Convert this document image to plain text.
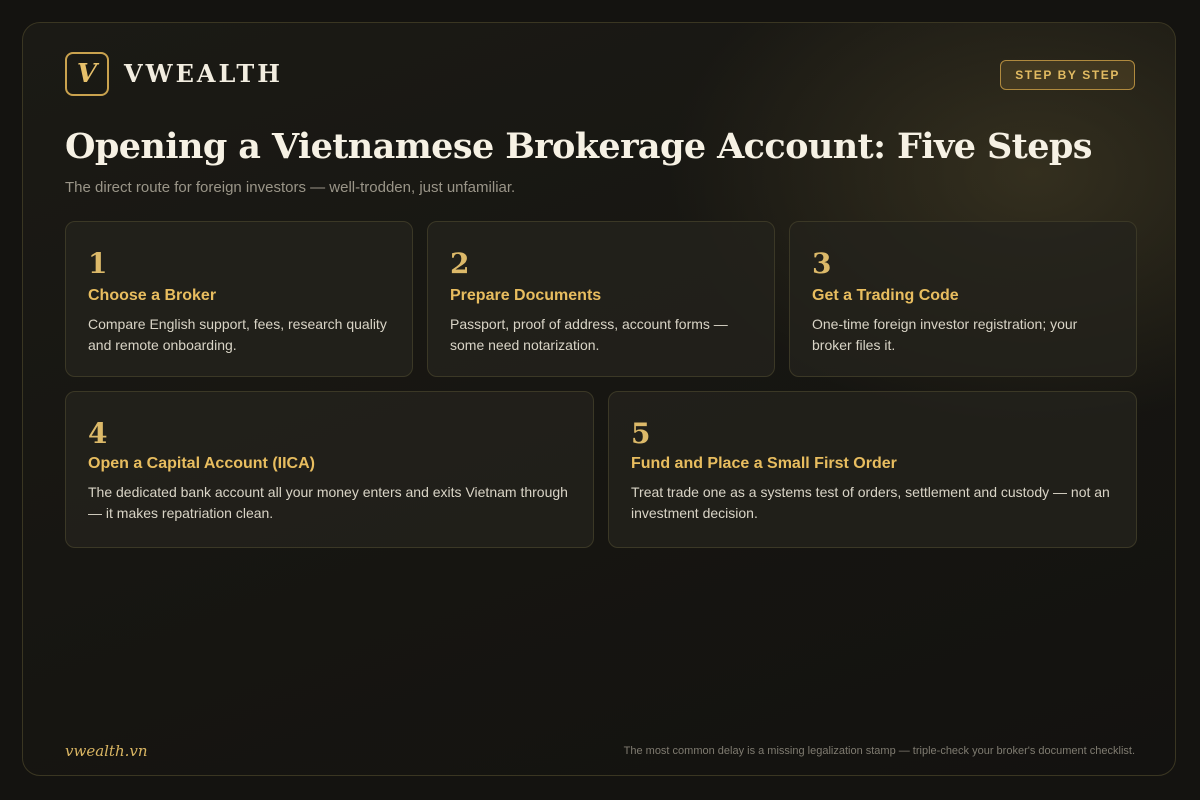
V VWEALTH	STEP BY STEP
Opening a Vietnamese Brokerage Account: Five Steps
The direct route for foreign investors — well-trodden, just unfamiliar.
1
Choose a Broker
Compare English support, fees, research quality and remote onboarding.
2
Prepare Documents
Passport, proof of address, account forms — some need notarization.
3
Get a Trading Code
One-time foreign investor registration; your broker files it.
4
Open a Capital Account (IICA)
The dedicated bank account all your money enters and exits Vietnam through — it makes repatriation clean.
5
Fund and Place a Small First Order
Treat trade one as a systems test of orders, settlement and custody — not an investment decision.
vwealth.vn	The most common delay is a missing legalization stamp — triple-check your broker's document checklist.
